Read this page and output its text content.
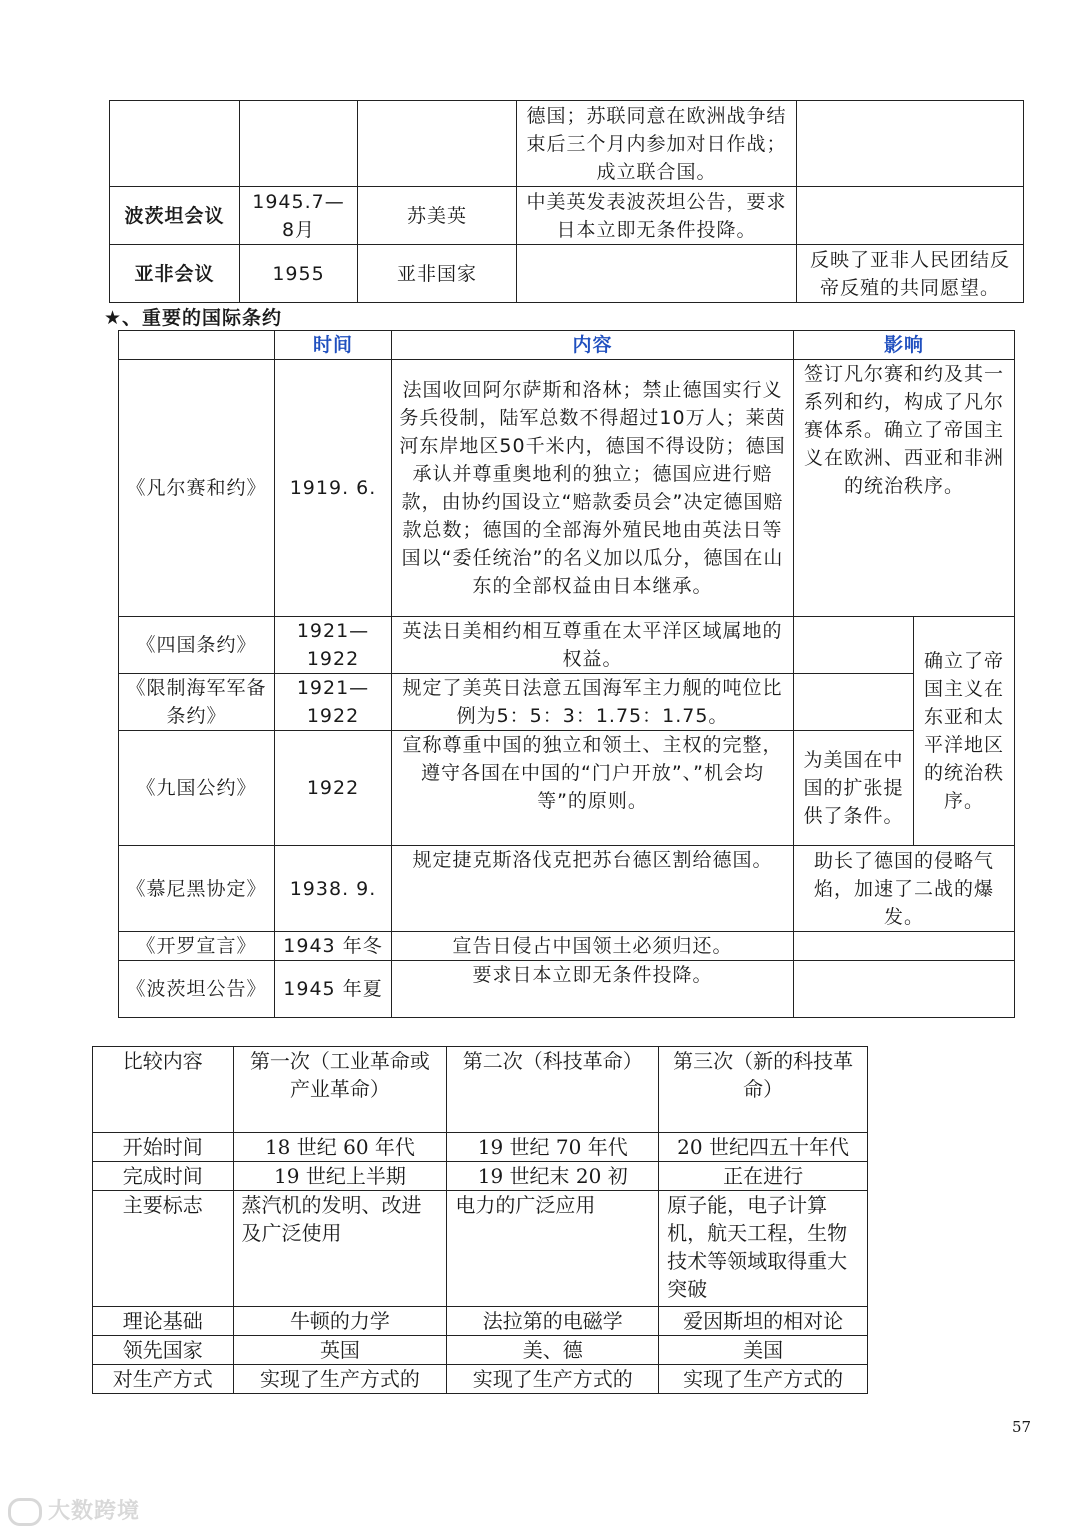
			德国；苏联同意在欧洲战争结束后三个月内参加对日作战；成立联合国。	
波茨坦会议	1945.7—8月	苏美英	中美英发表波茨坦公告，要求日本立即无条件投降。	
亚非会议	1955	亚非国家		反映了亚非人民团结反帝反殖的共同愿望。
★、重要的国际条约
	时间	内容	影响	
《凡尔赛和约》	1919. 6.	法国收回阿尔萨斯和洛林；禁止德国实行义务兵役制，陆军总数不得超过10万人；莱茵河东岸地区50千米内，德国不得设防；德国承认并尊重奥地利的独立；德国应进行赔款，由协约国设立“赔款委员会”决定德国赔款总数；德国的全部海外殖民地由英法日等国以“委任统治”的名义加以瓜分，德国在山东的全部权益由日本继承。	签订凡尔赛和约及其一系列和约，构成了凡尔赛体系。确立了帝国主义在欧洲、西亚和非洲的统治秩序。	
《四国条约》	1921—1922	英法日美相约相互尊重在太平洋区域属地的权益。		确立了帝国主义在东亚和太平洋地区的统治秩序。
《限制海军军备条约》	1921—1922	规定了美英日法意五国海军主力舰的吨位比例为5：5：3：1.75：1.75。		
《九国公约》	1922	宣称尊重中国的独立和领土、主权的完整，遵守各国在中国的“门户开放”、”机会均等”的原则。	为美国在中国的扩张提供了条件。	
《慕尼黑协定》	1938. 9.	规定捷克斯洛伐克把苏台德区割给德国。	助长了德国的侵略气焰，加速了二战的爆发。	
《开罗宣言》	1943 年冬	宣告日侵占中国领土必须归还。		
《波茨坦公告》	1945 年夏	要求日本立即无条件投降。		
比较内容	第一次（工业革命或产业革命）	第二次（科技革命）	第三次（新的科技革命）
开始时间	18 世纪 60 年代	19 世纪 70 年代	20 世纪四五十年代
完成时间	19 世纪上半期	19 世纪末 20 初	正在进行
主要标志	蒸汽机的发明、改进及广泛使用	电力的广泛应用	原子能，电子计算机，航天工程，生物技术等领域取得重大突破
理论基础	牛顿的力学	法拉第的电磁学	爱因斯坦的相对论
领先国家	英国	美、德	美国
对生产方式	实现了生产方式的	实现了生产方式的	实现了生产方式的
57
大数跨境
